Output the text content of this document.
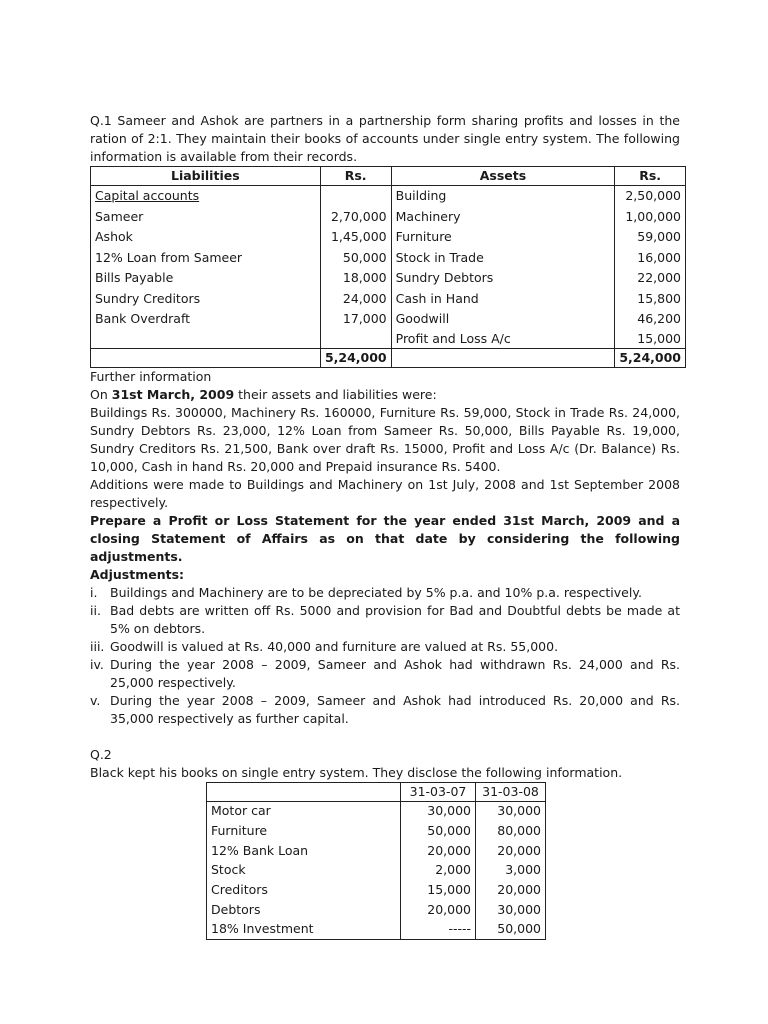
Q.1 Sameer and Ashok are partners in a partnership form sharing profits and losses in the ration of 2:1. They maintain their books of accounts under single entry system. The following information is available from their records.

Liabilities	Rs.	Assets	Rs.
Capital accounts		Building	2,50,000
Sameer	2,70,000	Machinery	1,00,000
Ashok	1,45,000	Furniture	59,000
12% Loan from Sameer	50,000	Stock in Trade	16,000
Bills Payable	18,000	Sundry Debtors	22,000
Sundry Creditors	24,000	Cash in Hand	15,800
Bank Overdraft	17,000	Goodwill	46,200
		Profit and Loss A/c	15,000
	5,24,000		5,24,000

Further information

On 31st March, 2009 their assets and liabilities were:

Buildings Rs. 300000, Machinery Rs. 160000, Furniture Rs. 59,000, Stock in Trade Rs. 24,000, Sundry Debtors Rs. 23,000, 12% Loan from Sameer Rs. 50,000, Bills Payable Rs. 19,000, Sundry Creditors Rs. 21,500, Bank over draft Rs. 15000, Profit and Loss A/c (Dr. Balance) Rs. 10,000, Cash in hand Rs. 20,000 and Prepaid insurance Rs. 5400.

Additions were made to Buildings and Machinery on 1st July, 2008 and 1st September 2008 respectively.

Prepare a Profit or Loss Statement for the year ended 31st March, 2009 and a closing Statement of Affairs as on that date by considering the following adjustments.

Adjustments:

i. Buildings and Machinery are to be depreciated by 5% p.a. and 10% p.a. respectively.
ii. Bad debts are written off Rs. 5000 and provision for Bad and Doubtful debts be made at 5% on debtors.
iii. Goodwill is valued at Rs. 40,000 and furniture are valued at Rs. 55,000.
iv. During the year 2008 – 2009, Sameer and Ashok had withdrawn Rs. 24,000 and Rs. 25,000 respectively.
v. During the year 2008 – 2009, Sameer and Ashok had introduced Rs. 20,000 and Rs. 35,000 respectively as further capital.

Q.2

Black kept his books on single entry system. They disclose the following information.

	31-03-07	31-03-08
Motor car	30,000	30,000
Furniture	50,000	80,000
12% Bank Loan	20,000	20,000
Stock	2,000	3,000
Creditors	15,000	20,000
Debtors	20,000	30,000
18% Investment	-----	50,000
